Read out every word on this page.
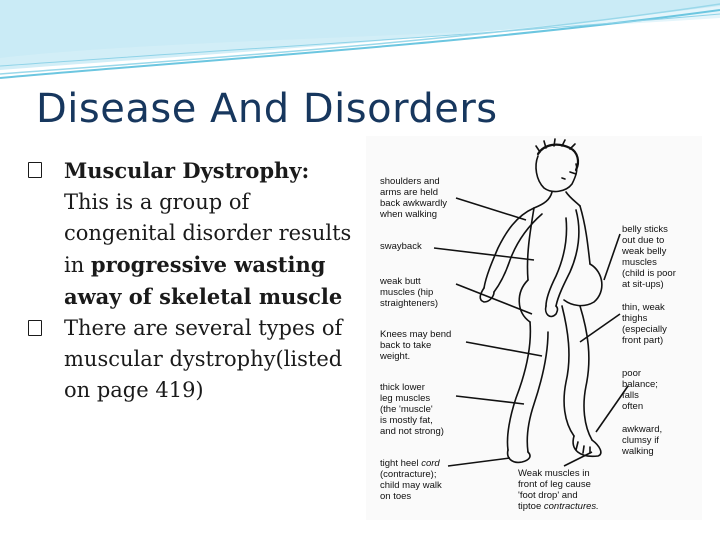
Disease And Disorders
Muscular Dystrophy: This is a group of congenital disorder results in progressive wasting away of skeletal muscle
There are several types of muscular dystrophy(listed on page 419)
shoulders and arms are held back awkwardly when walking
swayback
weak butt muscles (hip straighteners)
Knees may bend back to take weight.
thick lower leg muscles (the 'muscle' is mostly fat, and not strong)
tight heel cord (contracture); child may walk on toes
belly sticks out due to weak belly muscles (child is poor at sit-ups)
thin, weak thighs (especially front part)
poor balance; falls often
awkward, clumsy if walking
Weak muscles in front of leg cause 'foot drop' and tiptoe contractures.
